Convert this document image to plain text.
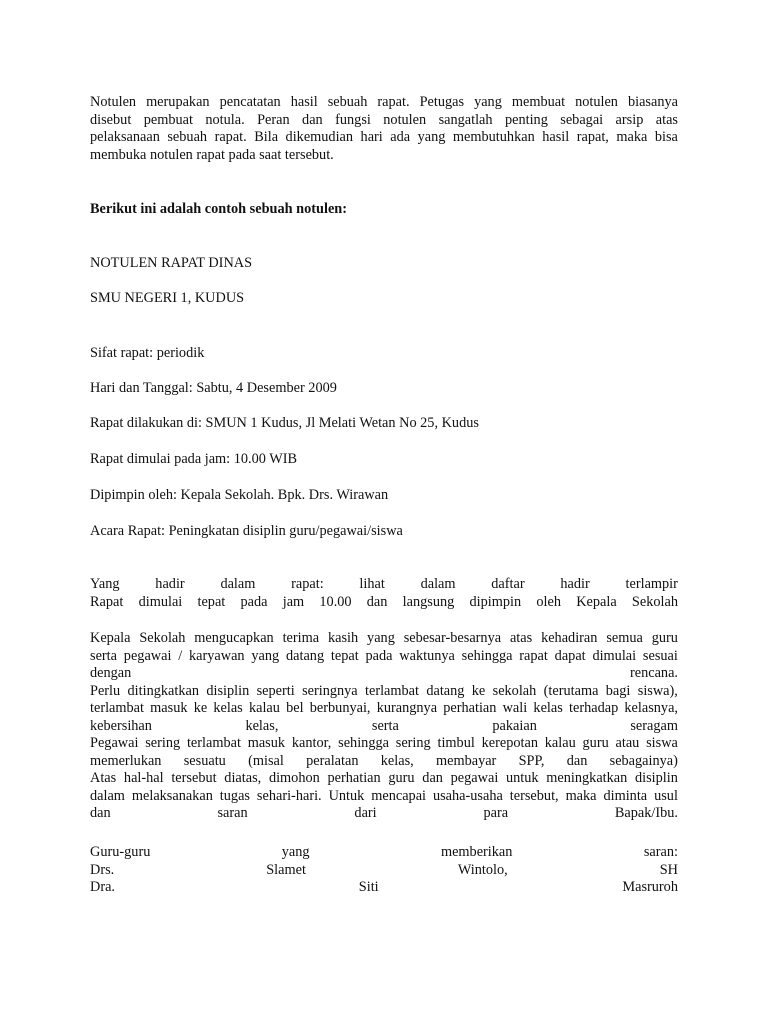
Notulen merupakan pencatatan hasil sebuah rapat. Petugas yang membuat notulen biasanya
disebut pembuat notula. Peran dan fungsi notulen sangatlah penting sebagai arsip atas
pelaksanaan sebuah rapat. Bila dikemudian hari ada yang membutuhkan hasil rapat, maka bisa
membuka notulen rapat pada saat tersebut.
Berikut ini adalah contoh sebuah notulen:
NOTULEN RAPAT DINAS
SMU NEGERI 1, KUDUS
Sifat rapat: periodik
Hari dan Tanggal: Sabtu, 4 Desember 2009
Rapat dilakukan di: SMUN 1 Kudus, Jl Melati Wetan No 25, Kudus
Rapat dimulai pada jam: 10.00 WIB
Dipimpin oleh: Kepala Sekolah. Bpk. Drs. Wirawan
Acara Rapat: Peningkatan disiplin guru/pegawai/siswa
Yang	hadir	dalam	rapat:	lihat	dalam	daftar	hadir	terlampir
Rapat dimulai tepat pada jam 10.00 dan langsung dipimpin oleh Kepala Sekolah
Kepala Sekolah mengucapkan terima kasih yang sebesar-besarnya atas kehadiran semua guru
serta pegawai / karyawan yang datang tepat pada waktunya sehingga rapat dapat dimulai sesuai
dengan	rencana.
Perlu ditingkatkan disiplin seperti seringnya terlambat datang ke sekolah (terutama bagi siswa),
terlambat masuk ke kelas kalau bel berbunyai, kurangnya perhatian wali kelas terhadap kelasnya,
kebersihan	kelas,	serta	pakaian	seragam
Pegawai sering terlambat masuk kantor, sehingga sering timbul kerepotan kalau guru atau siswa
memerlukan sesuatu (misal peralatan kelas, membayar SPP, dan sebagainya)
Atas hal-hal tersebut diatas, dimohon perhatian guru dan pegawai untuk meningkatkan disiplin
dalam melaksanakan tugas sehari-hari. Untuk mencapai usaha-usaha tersebut, maka diminta usul
dan	saran	dari	para	Bapak/Ibu.
Guru-guru	yang	memberikan	saran:
Drs.	Slamet	Wintolo,	SH
Dra.	Siti	Masruroh
